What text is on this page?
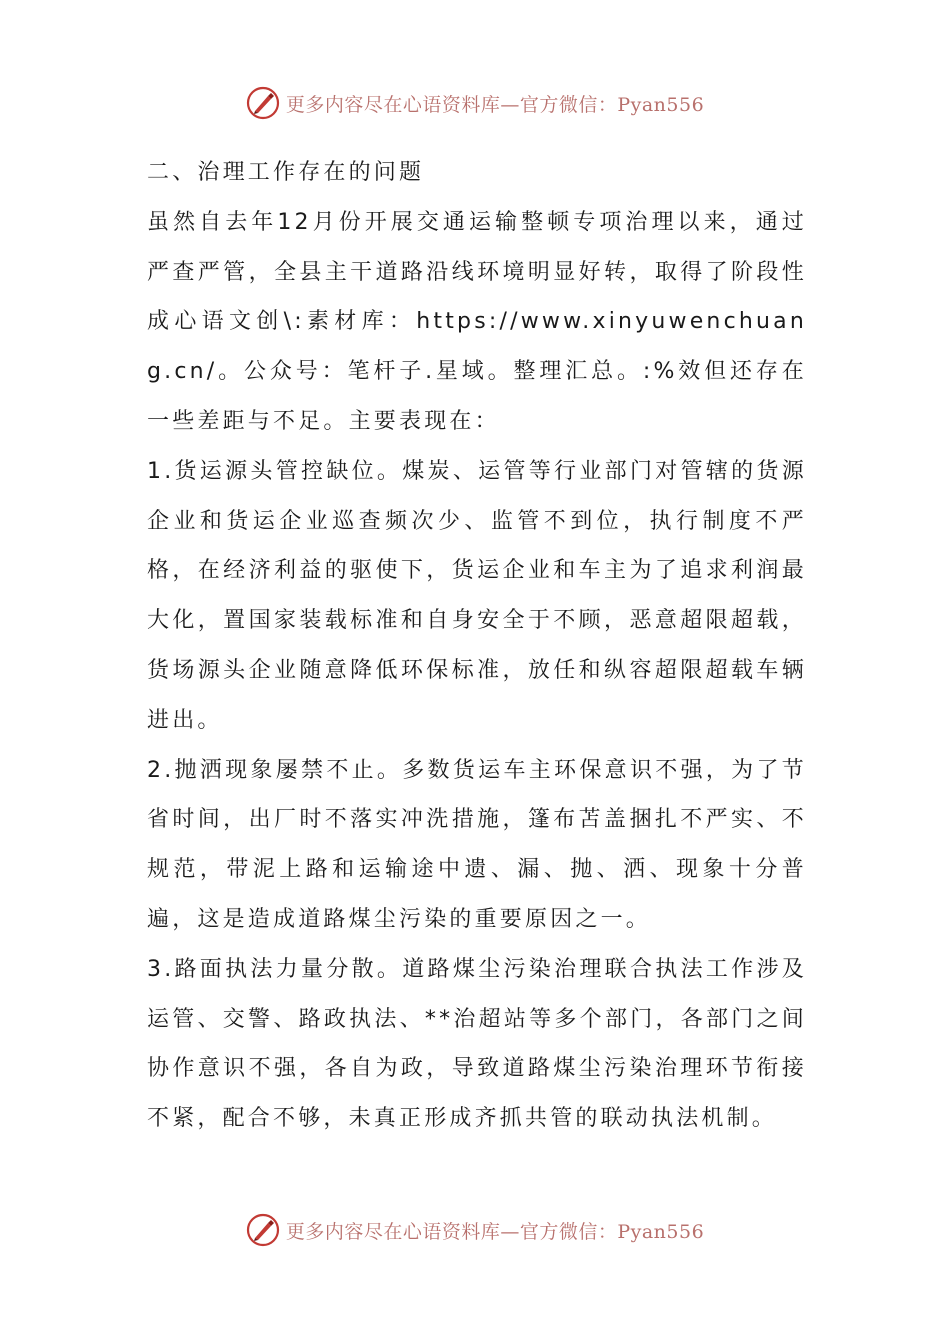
更多内容尽在心语资料库—官方微信：Pyan556

二、治理工作存在的问题

虽然自去年12月份开展交通运输整顿专项治理以来，通过严查严管，全县主干道路沿线环境明显好转，取得了阶段性成心语文创\:素材库：https://www.xinyuwenchuang.cn/。公众号：笔杆子.星域。整理汇总。:%效但还存在一些差距与不足。主要表现在：

1.货运源头管控缺位。煤炭、运管等行业部门对管辖的货源企业和货运企业巡查频次少、监管不到位，执行制度不严格，在经济利益的驱使下，货运企业和车主为了追求利润最大化，置国家装载标准和自身安全于不顾，恶意超限超载，货场源头企业随意降低环保标准，放任和纵容超限超载车辆进出。

2.抛洒现象屡禁不止。多数货运车主环保意识不强，为了节省时间，出厂时不落实冲洗措施，篷布苫盖捆扎不严实、不规范，带泥上路和运输途中遗、漏、抛、洒、现象十分普遍，这是造成道路煤尘污染的重要原因之一。

3.路面执法力量分散。道路煤尘污染治理联合执法工作涉及运管、交警、路政执法、**治超站等多个部门，各部门之间协作意识不强，各自为政，导致道路煤尘污染治理环节衔接不紧，配合不够，未真正形成齐抓共管的联动执法机制。

更多内容尽在心语资料库—官方微信：Pyan556
